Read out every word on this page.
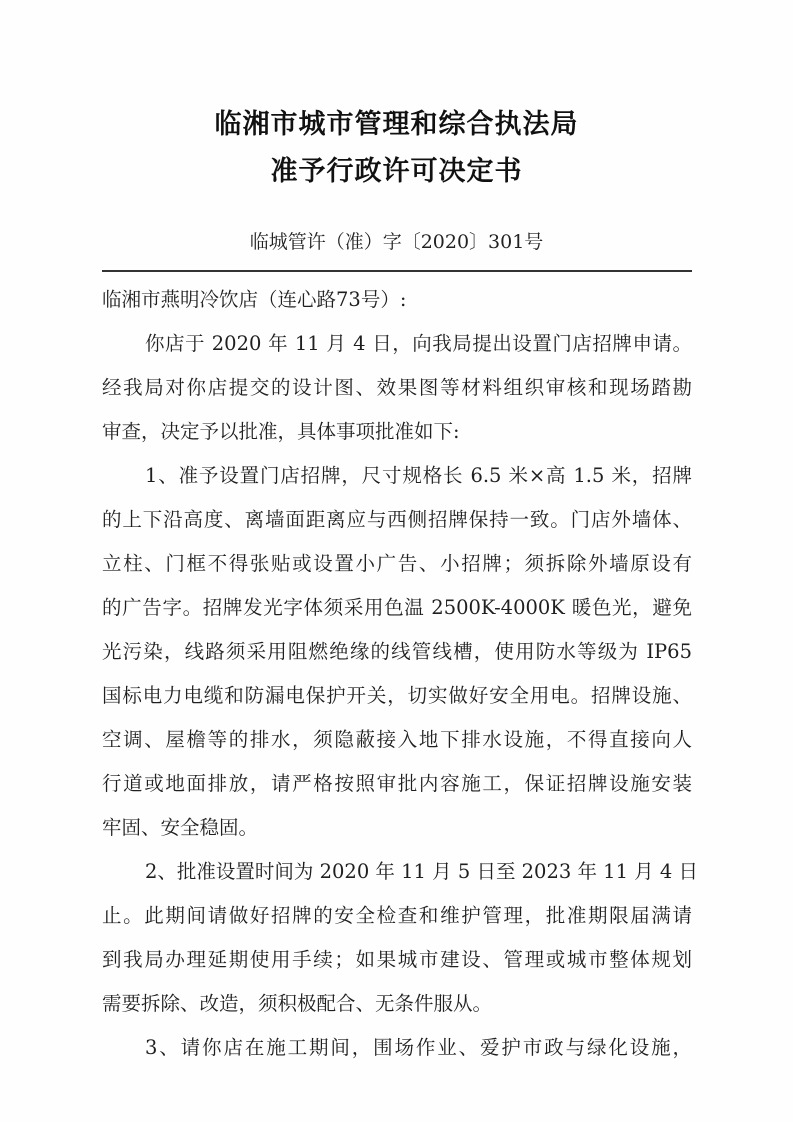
临湘市城市管理和综合执法局
准予行政许可决定书
临城管许（准）字〔2020〕301号
临湘市燕明冷饮店（连心路73号）:
你店于 2020 年 11 月 4 日，向我局提出设置门店招牌申请。
经我局对你店提交的设计图、效果图等材料组织审核和现场踏勘
审查，决定予以批准，具体事项批准如下:
1、准予设置门店招牌，尺寸规格长 6.5 米×高 1.5 米，招牌
的上下沿高度、离墙面距离应与西侧招牌保持一致。门店外墙体、
立柱、门框不得张贴或设置小广告、小招牌；须拆除外墙原设有
的广告字。招牌发光字体须采用色温 2500K-4000K 暖色光，避免
光污染，线路须采用阻燃绝缘的线管线槽，使用防水等级为 IP65
国标电力电缆和防漏电保护开关，切实做好安全用电。招牌设施、
空调、屋檐等的排水，须隐蔽接入地下排水设施，不得直接向人
行道或地面排放，请严格按照审批内容施工，保证招牌设施安装
牢固、安全稳固。
2、批准设置时间为 2020 年 11 月 5 日至 2023 年 11 月 4 日
止。此期间请做好招牌的安全检查和维护管理，批准期限届满请
到我局办理延期使用手续；如果城市建设、管理或城市整体规划
需要拆除、改造，须积极配合、无条件服从。
3、请你店在施工期间，围场作业、爱护市政与绿化设施，
